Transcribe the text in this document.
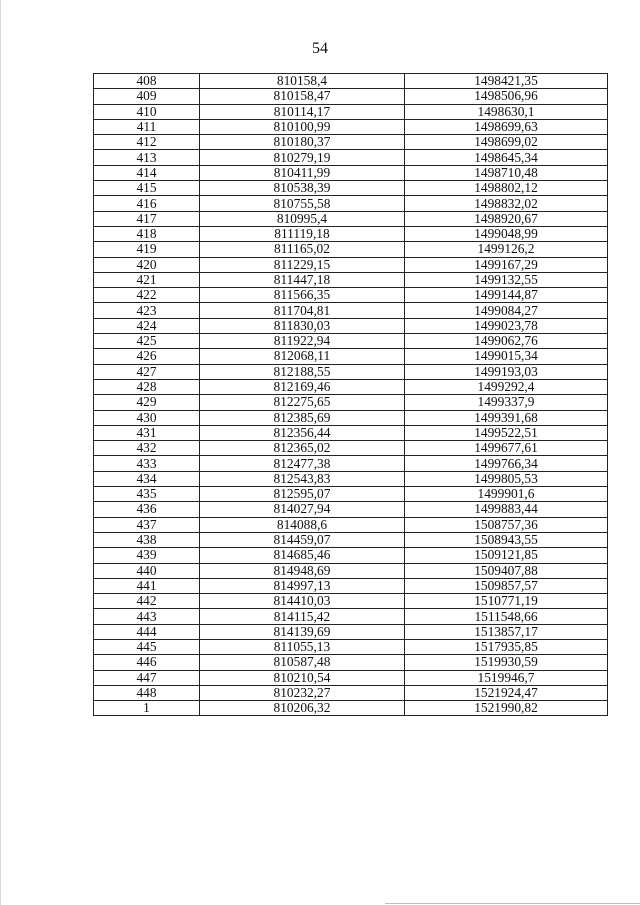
54
408	810158,4	1498421,35
409	810158,47	1498506,96
410	810114,17	1498630,1
411	810100,99	1498699,63
412	810180,37	1498699,02
413	810279,19	1498645,34
414	810411,99	1498710,48
415	810538,39	1498802,12
416	810755,58	1498832,02
417	810995,4	1498920,67
418	811119,18	1499048,99
419	811165,02	1499126,2
420	811229,15	1499167,29
421	811447,18	1499132,55
422	811566,35	1499144,87
423	811704,81	1499084,27
424	811830,03	1499023,78
425	811922,94	1499062,76
426	812068,11	1499015,34
427	812188,55	1499193,03
428	812169,46	1499292,4
429	812275,65	1499337,9
430	812385,69	1499391,68
431	812356,44	1499522,51
432	812365,02	1499677,61
433	812477,38	1499766,34
434	812543,83	1499805,53
435	812595,07	1499901,6
436	814027,94	1499883,44
437	814088,6	1508757,36
438	814459,07	1508943,55
439	814685,46	1509121,85
440	814948,69	1509407,88
441	814997,13	1509857,57
442	814410,03	1510771,19
443	814115,42	1511548,66
444	814139,69	1513857,17
445	811055,13	1517935,85
446	810587,48	1519930,59
447	810210,54	1519946,7
448	810232,27	1521924,47
1	810206,32	1521990,82
